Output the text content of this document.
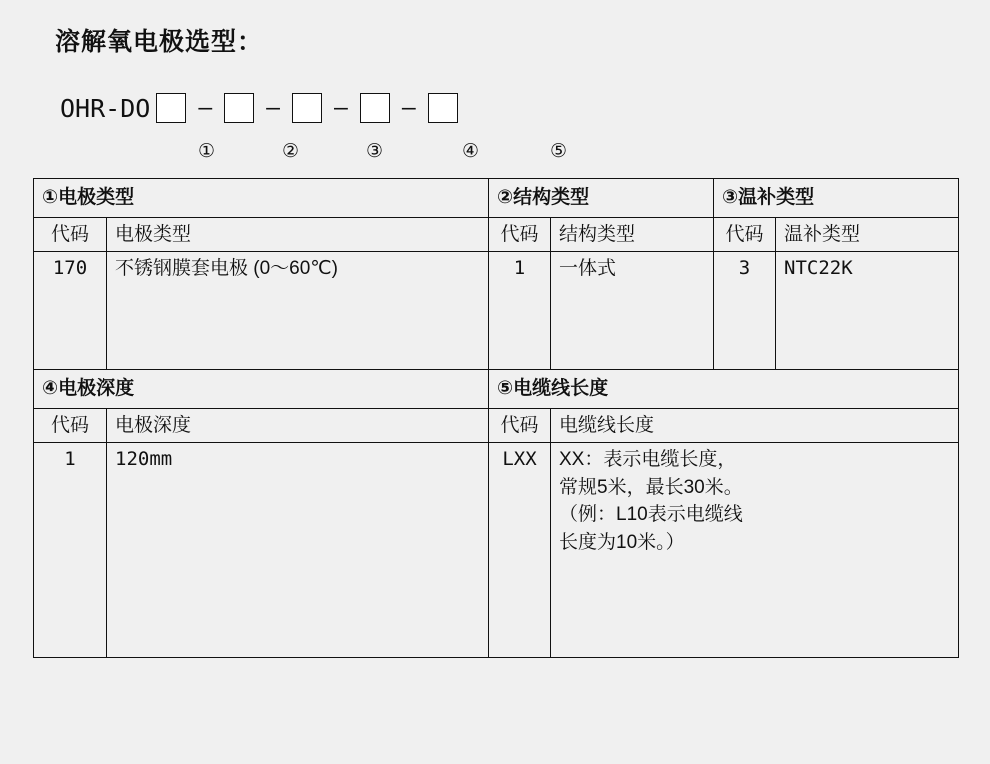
溶解氧电极选型：
OHR-DO – – – –
①	②	③	④	⑤
①电极类型		②结构类型		③温补类型	
代码	电极类型	代码	结构类型	代码	温补类型
170	不锈钢膜套电极 (0～60℃)	1	一体式	3	NTC22K
④电极深度		⑤电缆线长度			
代码	电极深度	代码	电缆线长度		
1	120mm	LXX	XX：表示电缆长度，
常规5米，最长30米。
（例：L10表示电缆线
长度为10米。）		
